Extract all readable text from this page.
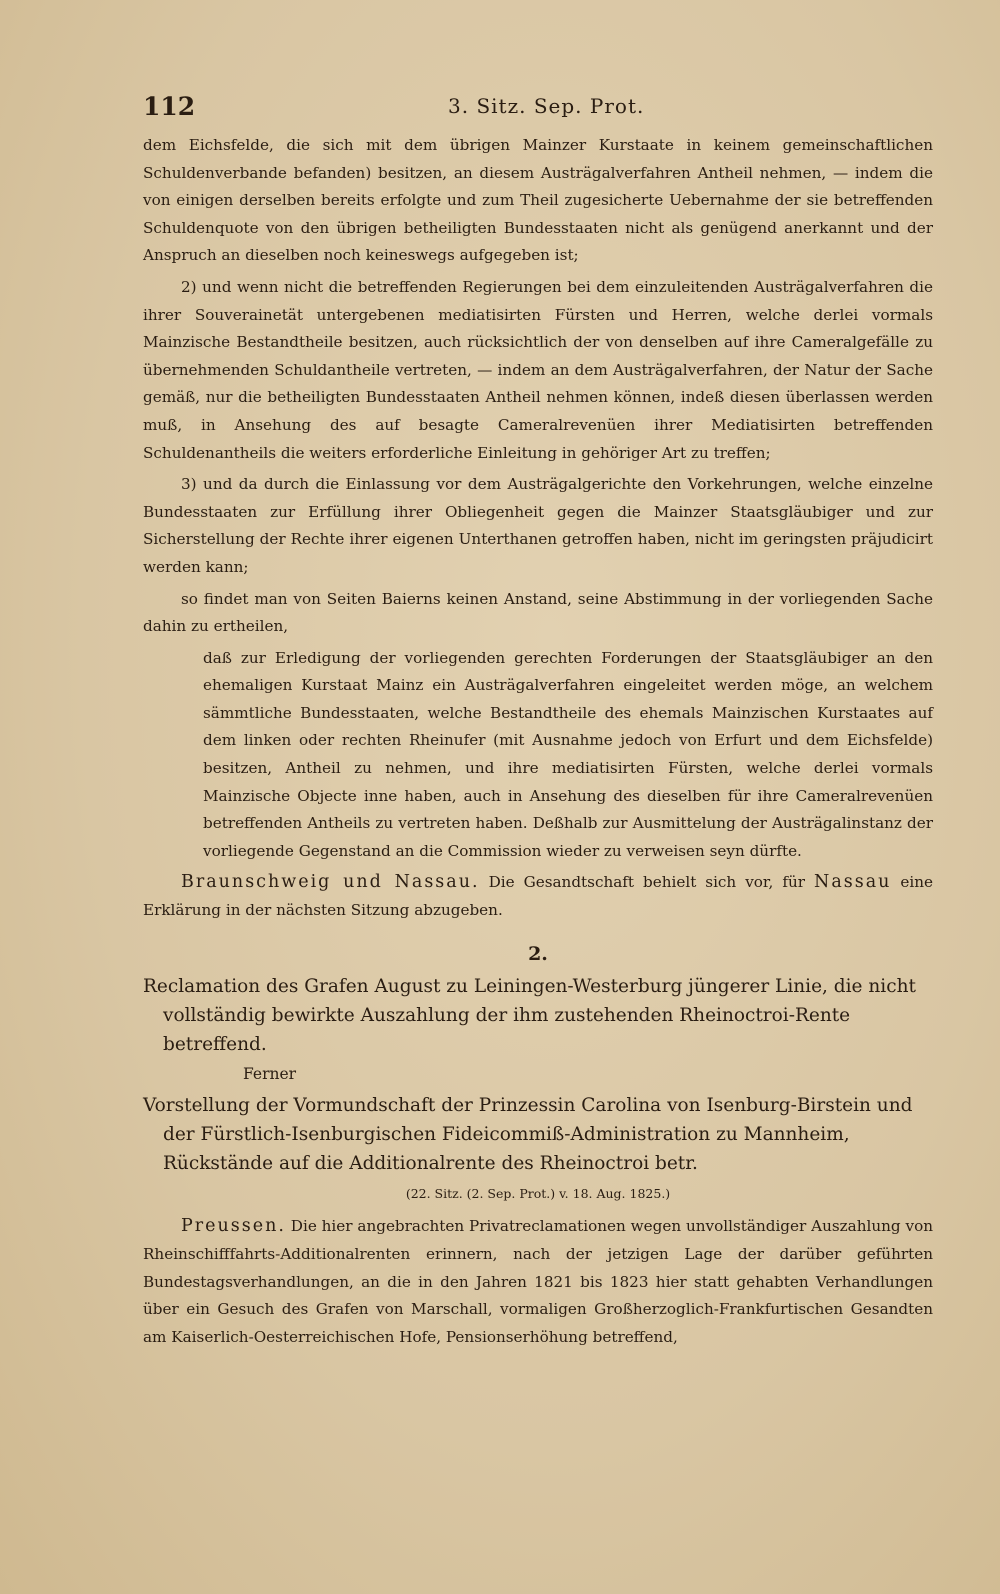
112	3. Sitz. Sep. Prot.

dem Eichsfelde, die sich mit dem übrigen Mainzer Kurstaate in keinem gemeinschaftlichen Schuldenverbande befanden) besitzen, an diesem Austrägalverfahren Antheil nehmen, — indem die von einigen derselben bereits erfolgte und zum Theil zugesicherte Uebernahme der sie betreffenden Schuldenquote von den übrigen betheiligten Bundesstaaten nicht als genügend anerkannt und der Anspruch an dieselben noch keineswegs aufgegeben ist;

2) und wenn nicht die betreffenden Regierungen bei dem einzuleitenden Austrägalverfahren die ihrer Souverainetät untergebenen mediatisirten Fürsten und Herren, welche derlei vormals Mainzische Bestandtheile besitzen, auch rücksichtlich der von denselben auf ihre Cameralgefälle zu übernehmenden Schuldantheile vertreten, — indem an dem Austrägalverfahren, der Natur der Sache gemäß, nur die betheiligten Bundesstaaten Antheil nehmen können, indeß diesen überlassen werden muß, in Ansehung des auf besagte Cameralrevenüen ihrer Mediatisirten betreffenden Schuldenantheils die weiters erforderliche Einleitung in gehöriger Art zu treffen;

3) und da durch die Einlassung vor dem Austrägalgerichte den Vorkehrungen, welche einzelne Bundesstaaten zur Erfüllung ihrer Obliegenheit gegen die Mainzer Staatsgläubiger und zur Sicherstellung der Rechte ihrer eigenen Unterthanen getroffen haben, nicht im geringsten präjudicirt werden kann;

so findet man von Seiten Baierns keinen Anstand, seine Abstimmung in der vorliegenden Sache dahin zu ertheilen,

daß zur Erledigung der vorliegenden gerechten Forderungen der Staatsgläubiger an den ehemaligen Kurstaat Mainz ein Austrägalverfahren eingeleitet werden möge, an welchem sämmtliche Bundesstaaten, welche Bestandtheile des ehemals Mainzischen Kurstaates auf dem linken oder rechten Rheinufer (mit Ausnahme jedoch von Erfurt und dem Eichsfelde) besitzen, Antheil zu nehmen, und ihre mediatisirten Fürsten, welche derlei vormals Mainzische Objecte inne haben, auch in Ansehung des dieselben für ihre Cameralrevenüen betreffenden Antheils zu vertreten haben. Deßhalb zur Ausmittelung der Austrägalinstanz der vorliegende Gegenstand an die Commission wieder zu verweisen seyn dürfte.

Braunschweig und Nassau. Die Gesandtschaft behielt sich vor, für Nassau eine Erklärung in der nächsten Sitzung abzugeben.

2.

Reclamation des Grafen August zu Leiningen-Westerburg jüngerer Linie, die nicht vollständig bewirkte Auszahlung der ihm zustehenden Rheinoctroi-Rente betreffend.

Ferner

Vorstellung der Vormundschaft der Prinzessin Carolina von Isenburg-Birstein und der Fürstlich-Isenburgischen Fideicommiß-Administration zu Mannheim, Rückstände auf die Additionalrente des Rheinoctroi betr.

(22. Sitz. (2. Sep. Prot.) v. 18. Aug. 1825.)

Preussen. Die hier angebrachten Privatreclamationen wegen unvollständiger Auszahlung von Rheinschifffahrts-Additionalrenten erinnern, nach der jetzigen Lage der darüber geführten Bundestagsverhandlungen, an die in den Jahren 1821 bis 1823 hier statt gehabten Verhandlungen über ein Gesuch des Grafen von Marschall, vormaligen Großherzoglich-Frankfurtischen Gesandten am Kaiserlich-Oesterreichischen Hofe, Pensionserhöhung betreffend,
